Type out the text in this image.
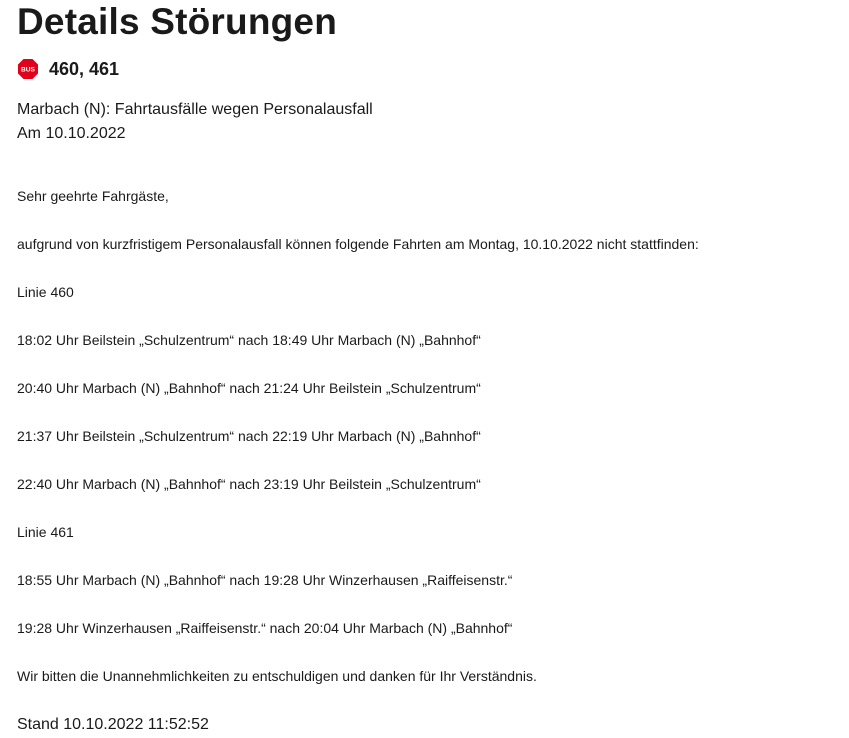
Details Störungen
BUS 460, 461
Marbach (N): Fahrtausfälle wegen Personalausfall
Am 10.10.2022
Sehr geehrte Fahrgäste,
aufgrund von kurzfristigem Personalausfall können folgende Fahrten am Montag, 10.10.2022 nicht stattfinden:
Linie 460
18:02 Uhr Beilstein „Schulzentrum“ nach 18:49 Uhr Marbach (N) „Bahnhof“
20:40 Uhr Marbach (N) „Bahnhof“ nach 21:24 Uhr Beilstein „Schulzentrum“
21:37 Uhr Beilstein „Schulzentrum“ nach 22:19 Uhr Marbach (N) „Bahnhof“
22:40 Uhr Marbach (N) „Bahnhof“ nach 23:19 Uhr Beilstein „Schulzentrum“
Linie 461
18:55 Uhr Marbach (N) „Bahnhof“ nach 19:28 Uhr Winzerhausen „Raiffeisenstr.“
19:28 Uhr Winzerhausen „Raiffeisenstr.“ nach 20:04 Uhr Marbach (N) „Bahnhof“
Wir bitten die Unannehmlichkeiten zu entschuldigen und danken für Ihr Verständnis.
Stand 10.10.2022 11:52:52
